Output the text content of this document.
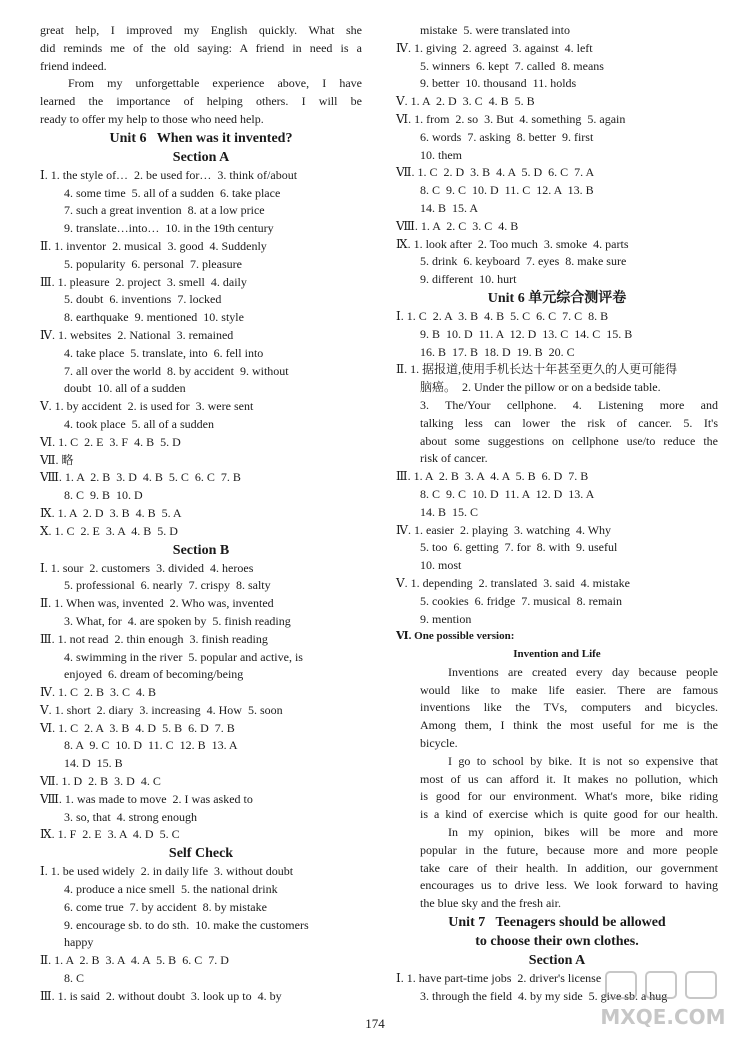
great help, I improved my English quickly. What she
did reminds me of the old saying: A friend in need is a
friend indeed.
From my unforgettable experience above, I have
learned the importance of helping others. I will be
ready to offer my help to those who need help.
Unit 6   When was it invented?
Section A
Ⅰ. 1. the style of…  2. be used for…  3. think of/about
4. some time  5. all of a sudden  6. take place
7. such a great invention  8. at a low price
9. translate…into…  10. in the 19th century
Ⅱ. 1. inventor  2. musical  3. good  4. Suddenly
5. popularity  6. personal  7. pleasure
Ⅲ. 1. pleasure  2. project  3. smell  4. daily
5. doubt  6. inventions  7. locked
8. earthquake  9. mentioned  10. style
Ⅳ. 1. websites  2. National  3. remained
4. take place  5. translate, into  6. fell into
7. all over the world  8. by accident  9. without
doubt  10. all of a sudden
Ⅴ. 1. by accident  2. is used for  3. were sent
4. took place  5. all of a sudden
Ⅵ. 1. C  2. E  3. F  4. B  5. D
Ⅶ. 略
Ⅷ. 1. A  2. B  3. D  4. B  5. C  6. C  7. B
8. C  9. B  10. D
Ⅸ. 1. A  2. D  3. B  4. B  5. A
Ⅹ. 1. C  2. E  3. A  4. B  5. D
Section B
Ⅰ. 1. sour  2. customers  3. divided  4. heroes
5. professional  6. nearly  7. crispy  8. salty
Ⅱ. 1. When was, invented  2. Who was, invented
3. What, for  4. are spoken by  5. finish reading
Ⅲ. 1. not read  2. thin enough  3. finish reading
4. swimming in the river  5. popular and active, is
enjoyed  6. dream of becoming/being
Ⅳ. 1. C  2. B  3. C  4. B
Ⅴ. 1. short  2. diary  3. increasing  4. How  5. soon
Ⅵ. 1. C  2. A  3. B  4. D  5. B  6. D  7. B
8. A  9. C  10. D  11. C  12. B  13. A
14. D  15. B
Ⅶ. 1. D  2. B  3. D  4. C
Ⅷ. 1. was made to move  2. I was asked to
3. so, that  4. strong enough
Ⅸ. 1. F  2. E  3. A  4. D  5. C
Self Check
Ⅰ. 1. be used widely  2. in daily life  3. without doubt
4. produce a nice smell  5. the national drink
6. come true  7. by accident  8. by mistake
9. encourage sb. to do sth.  10. make the customers
happy
Ⅱ. 1. A  2. B  3. A  4. A  5. B  6. C  7. D
8. C
Ⅲ. 1. is said  2. without doubt  3. look up to  4. by
mistake  5. were translated into
Ⅳ. 1. giving  2. agreed  3. against  4. left
5. winners  6. kept  7. called  8. means
9. better  10. thousand  11. holds
Ⅴ. 1. A  2. D  3. C  4. B  5. B
Ⅵ. 1. from  2. so  3. But  4. something  5. again
6. words  7. asking  8. better  9. first
10. them
Ⅶ. 1. C  2. D  3. B  4. A  5. D  6. C  7. A
8. C  9. C  10. D  11. C  12. A  13. B
14. B  15. A
Ⅷ. 1. A  2. C  3. C  4. B
Ⅸ. 1. look after  2. Too much  3. smoke  4. parts
5. drink  6. keyboard  7. eyes  8. make sure
9. different  10. hurt
Unit 6 单元综合测评卷
Ⅰ. 1. C  2. A  3. B  4. B  5. C  6. C  7. C  8. B
9. B  10. D  11. A  12. D  13. C  14. C  15. B
16. B  17. B  18. D  19. B  20. C
Ⅱ. 1. 据报道,使用手机长达十年甚至更久的人更可能得
脑癌。  2. Under the pillow or on a bedside table.
3. The/Your cellphone. 4. Listening more and
talking less can lower the risk of cancer. 5. It's
about some suggestions on cellphone use/to reduce the
risk of cancer.
Ⅲ. 1. A  2. B  3. A  4. A  5. B  6. D  7. B
8. C  9. C  10. D  11. A  12. D  13. A
14. B  15. C
Ⅳ. 1. easier  2. playing  3. watching  4. Why
5. too  6. getting  7. for  8. with  9. useful
10. most
Ⅴ. 1. depending  2. translated  3. said  4. mistake
5. cookies  6. fridge  7. musical  8. remain
9. mention
Ⅵ. One possible version:
Invention and Life
Inventions are created every day because people
would like to make life easier. There are famous
inventions like the TVs, computers and bicycles.
Among them, I think the most useful for me is the
bicycle.
I go to school by bike. It is not so expensive that
most of us can afford it. It makes no pollution, which
is good for our environment. What's more, bike riding
is a kind of exercise which is quite good for our health.
In my opinion, bikes will be more and more
popular in the future, because more and more people
take care of their health. In addition, our government
encourages us to drive less. We look forward to having
the blue sky and the fresh air.
Unit 7   Teenagers should be allowed
to choose their own clothes.
Section A
Ⅰ. 1. have part-time jobs  2. driver's license
3. through the field  4. by my side  5. give sb. a hug
174	MXQE.COM
